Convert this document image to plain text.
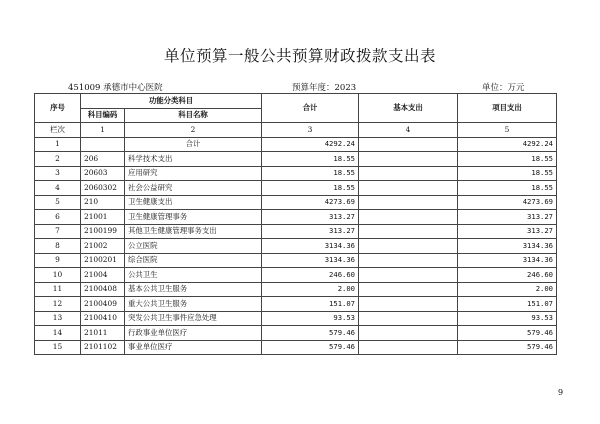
单位预算一般公共预算财政拨款支出表
451009 承德市中心医院	预算年度：2023	单位：万元
序号	功能分类科目		合计	基本支出	项目支出
	科目编码	科目名称			
栏次	1	2	3	4	5
1		合计	4292.24		4292.24
2	206	科学技术支出	18.55		18.55
3	20603	应用研究	18.55		18.55
4	2060302	社会公益研究	18.55		18.55
5	210	卫生健康支出	4273.69		4273.69
6	21001	卫生健康管理事务	313.27		313.27
7	2100199	其他卫生健康管理事务支出	313.27		313.27
8	21002	公立医院	3134.36		3134.36
9	2100201	综合医院	3134.36		3134.36
10	21004	公共卫生	246.60		246.60
11	2100408	基本公共卫生服务	2.00		2.00
12	2100409	重大公共卫生服务	151.07		151.07
13	2100410	突发公共卫生事件应急处理	93.53		93.53
14	21011	行政事业单位医疗	579.46		579.46
15	2101102	事业单位医疗	579.46		579.46
9
